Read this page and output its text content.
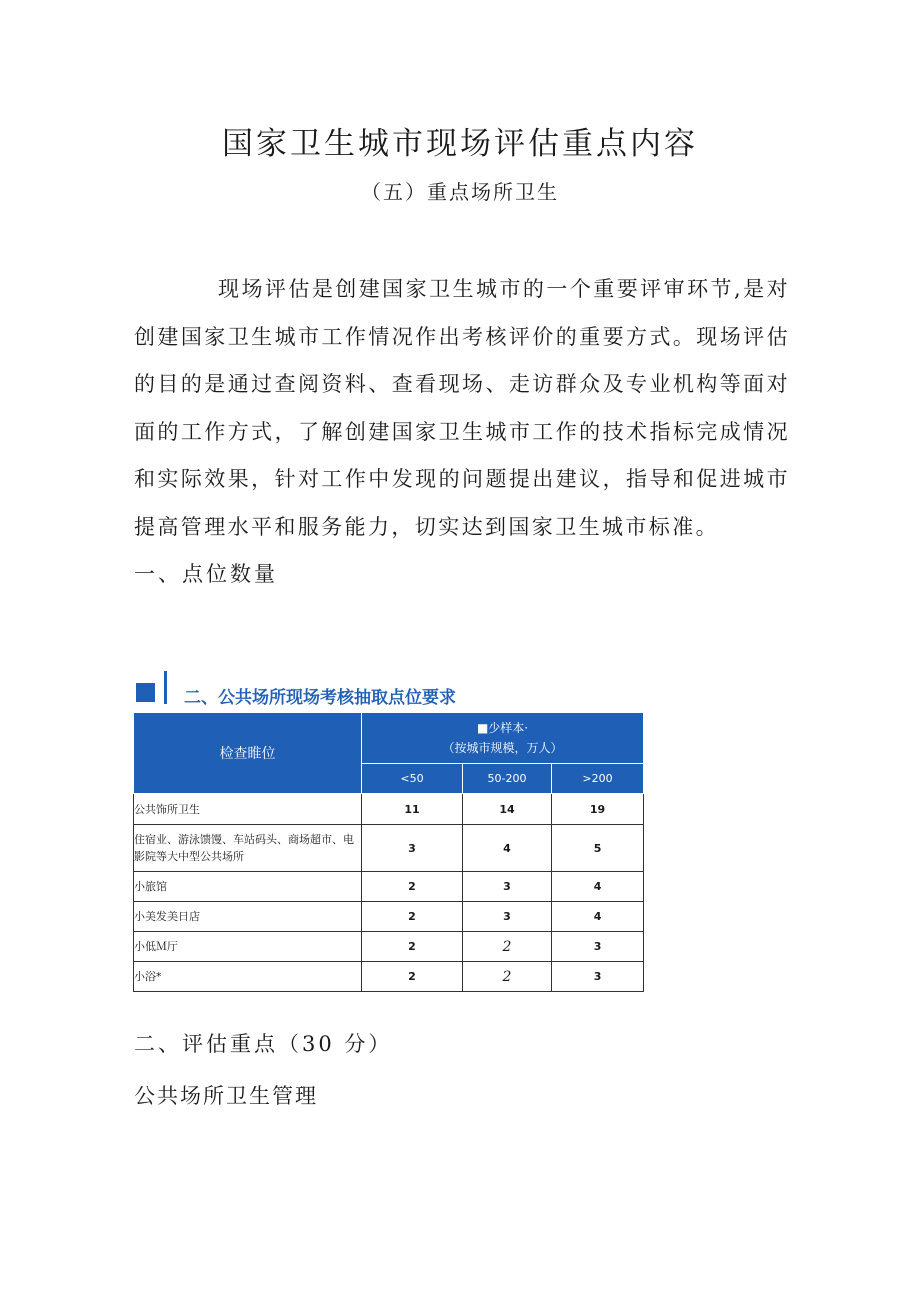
国家卫生城市现场评估重点内容
（五）重点场所卫生

现场评估是创建国家卫生城市的一个重要评审环节,是对创建国家卫生城市工作情况作出考核评价的重要方式。现场评估的目的是通过查阅资料、查看现场、走访群众及专业机构等面对面的工作方式，了解创建国家卫生城市工作的技术指标完成情况和实际效果，针对工作中发现的问题提出建议，指导和促进城市提高管理水平和服务能力，切实达到国家卫生城市标准。

一、点位数量
二、公共场所现场考核抽取点位要求
检查睢位	■少样本·
（按城市规模，万人）		

	<50	50-200	>200
公共饰所卫生	11	14	19
住宿业、游泳馈馒、车站码头、商场超市、电影院等大中型公共场所	3	4	5
小旅馆	2	3	4
小美发美日店	2	3	4
小低Ｍ厅	2	2	3
小浴*	2	2	3
二、评估重点（30 分）
公共场所卫生管理
